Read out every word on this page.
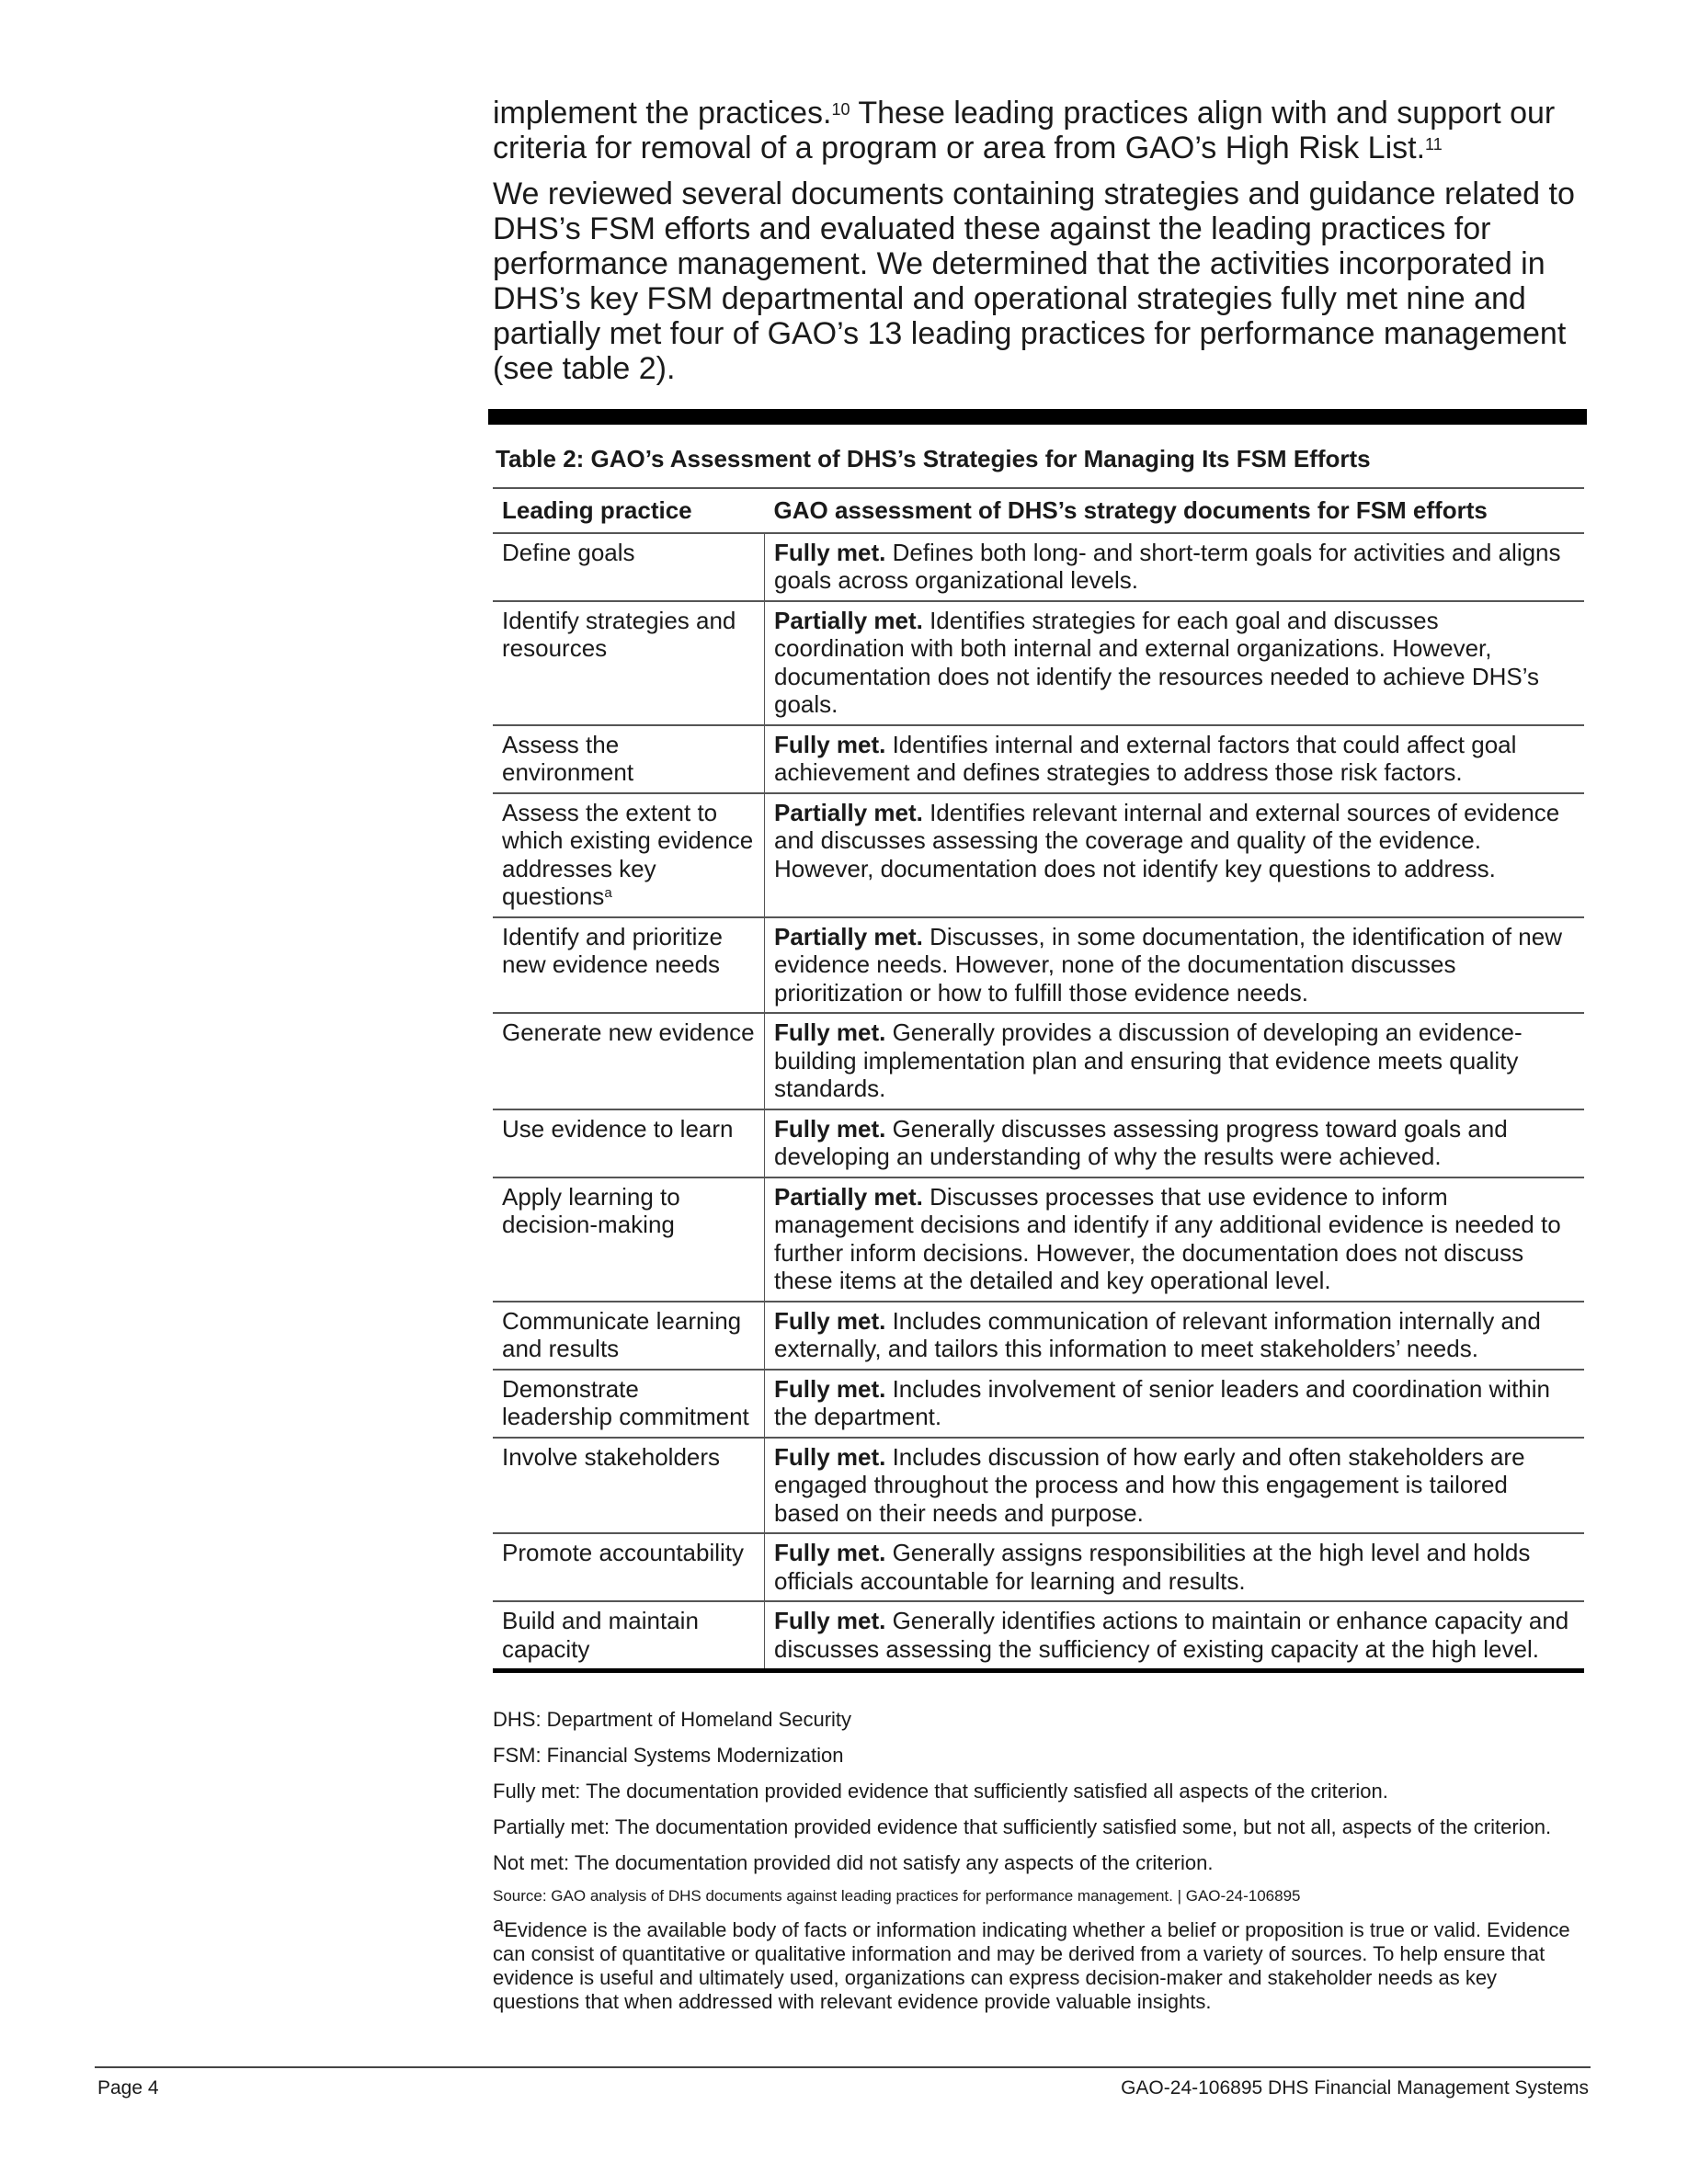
implement the practices.$^{10}$ These leading practices align with and support our criteria for removal of a program or area from GAO’s High Risk List.$^{11}$

We reviewed several documents containing strategies and guidance related to DHS’s FSM efforts and evaluated these against the leading practices for performance management. We determined that the activities incorporated in DHS’s key FSM departmental and operational strategies fully met nine and partially met four of GAO’s 13 leading practices for performance management (see table 2).

Table 2: GAO’s Assessment of DHS’s Strategies for Managing Its FSM Efforts
Leading practice	GAO assessment of DHS’s strategy documents for FSM efforts
Define goals	Fully met. Defines both long- and short-term goals for activities and aligns goals across organizational levels.
Identify strategies and resources	Partially met. Identifies strategies for each goal and discusses coordination with both internal and external organizations. However, documentation does not identify the resources needed to achieve DHS’s goals.
Assess the environment	Fully met. Identifies internal and external factors that could affect goal achievement and defines strategies to address those risk factors.
Assess the extent to which existing evidence addresses key questions$^a$	Partially met. Identifies relevant internal and external sources of evidence and discusses assessing the coverage and quality of the evidence. However, documentation does not identify key questions to address.
Identify and prioritize new evidence needs	Partially met. Discusses, in some documentation, the identification of new evidence needs. However, none of the documentation discusses prioritization or how to fulfill those evidence needs.
Generate new evidence	Fully met. Generally provides a discussion of developing an evidence-building implementation plan and ensuring that evidence meets quality standards.
Use evidence to learn	Fully met. Generally discusses assessing progress toward goals and developing an understanding of why the results were achieved.
Apply learning to decision-making	Partially met. Discusses processes that use evidence to inform management decisions and identify if any additional evidence is needed to further inform decisions. However, the documentation does not discuss these items at the detailed and key operational level.
Communicate learning and results	Fully met. Includes communication of relevant information internally and externally, and tailors this information to meet stakeholders’ needs.
Demonstrate leadership commitment	Fully met. Includes involvement of senior leaders and coordination within the department.
Involve stakeholders	Fully met. Includes discussion of how early and often stakeholders are engaged throughout the process and how this engagement is tailored based on their needs and purpose.
Promote accountability	Fully met. Generally assigns responsibilities at the high level and holds officials accountable for learning and results.
Build and maintain capacity	Fully met. Generally identifies actions to maintain or enhance capacity and discusses assessing the sufficiency of existing capacity at the high level.

DHS: Department of Homeland Security

FSM: Financial Systems Modernization

Fully met: The documentation provided evidence that sufficiently satisfied all aspects of the criterion.

Partially met: The documentation provided evidence that sufficiently satisfied some, but not all, aspects of the criterion.

Not met: The documentation provided did not satisfy any aspects of the criterion.

Source: GAO analysis of DHS documents against leading practices for performance management. | GAO-24-106895

$^a$Evidence is the available body of facts or information indicating whether a belief or proposition is true or valid. Evidence can consist of quantitative or qualitative information and may be derived from a variety of sources. To help ensure that evidence is useful and ultimately used, organizations can express decision-maker and stakeholder needs as key questions that when addressed with relevant evidence provide valuable insights.

Page 4	GAO-24-106895 DHS Financial Management Systems
